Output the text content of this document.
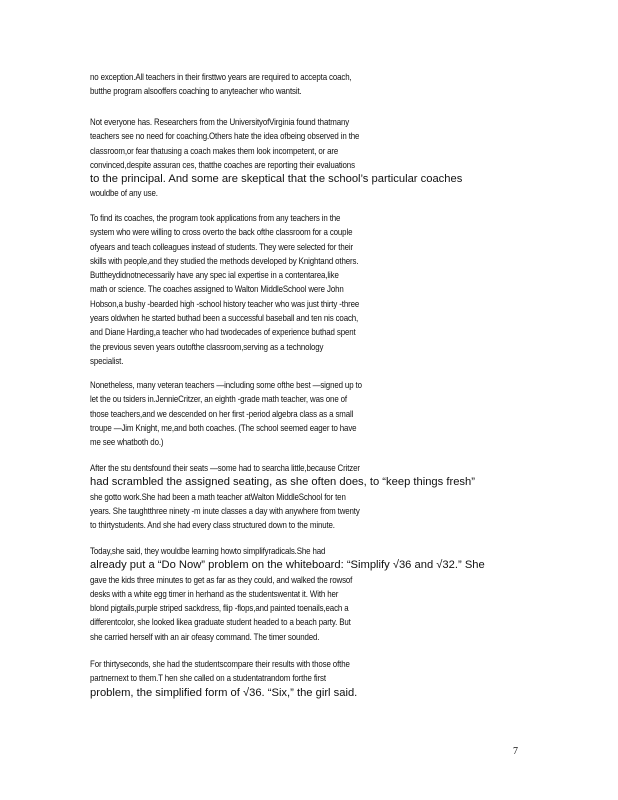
no exception.All teachers in their firsttwo years are required to accepta coach,
butthe program alsooffers coaching to anyteacher who wantsit.
Not everyone has. Researchers from the UniversityofVirginia found thatmany
teachers see no need for coaching.Others hate the idea ofbeing observed in the
classroom,or fear thatusing a coach makes them look incompetent, or are
convinced,despite assuran ces, thatthe coaches are reporting their evaluations
to the principal. And some are skeptical that the school’s particular coaches
wouldbe of any use.
To find its coaches, the program took applications from any teachers in the
system who were willing to cross overto the back ofthe classroom for a couple
ofyears and teach colleagues instead of students. They were selected for their
skills with people,and they studied the methods developed by Knightand others.
Buttheydidnotnecessarily have any spec ial expertise in a contentarea,like
math or science. The coaches assigned to Walton MiddleSchool were John
Hobson,a bushy -bearded high -school history teacher who was just thirty -three
years oldwhen he started buthad been a successful baseball and ten nis coach,
and Diane Harding,a teacher who had twodecades of experience buthad spent
the previous seven years outofthe classroom,serving as a technology
specialist.
Nonetheless, many veteran teachers —including some ofthe best —signed up to
let the ou tsiders in.JennieCritzer, an eighth -grade math teacher, was one of
those teachers,and we descended on her first -period algebra class as a small
troupe —Jim Knight, me,and both coaches. (The school seemed eager to have
me see whatboth do.)
After the stu dentsfound their seats —some had to searcha little,because Critzer
had scrambled the assigned seating, as she often does, to “keep things fresh”
she gotto work.She had been a math teacher atWalton MiddleSchool for ten
years. She taughtthree ninety -m inute classes a day with anywhere from twenty
to thirtystudents. And she had every class structured down to the minute.
Today,she said, they wouldbe learning howto simplifyradicals.She had
already put a “Do Now” problem on the whiteboard: “Simplify √36 and √32.” She
gave the kids three minutes to get as far as they could, and walked the rowsof
desks with a white egg timer in herhand as the studentswentat it. With her
blond pigtails,purple striped sackdress, flip -flops,and painted toenails,each a
differentcolor, she looked likea graduate student headed to a beach party. But
she carried herself with an air ofeasy command. The timer sounded.
For thirtyseconds, she had the studentscompare their results with those ofthe
partnernext to them.T hen she called on a studentatrandom forthe first
problem, the simplified form of √36. “Six,” the girl said.
7
